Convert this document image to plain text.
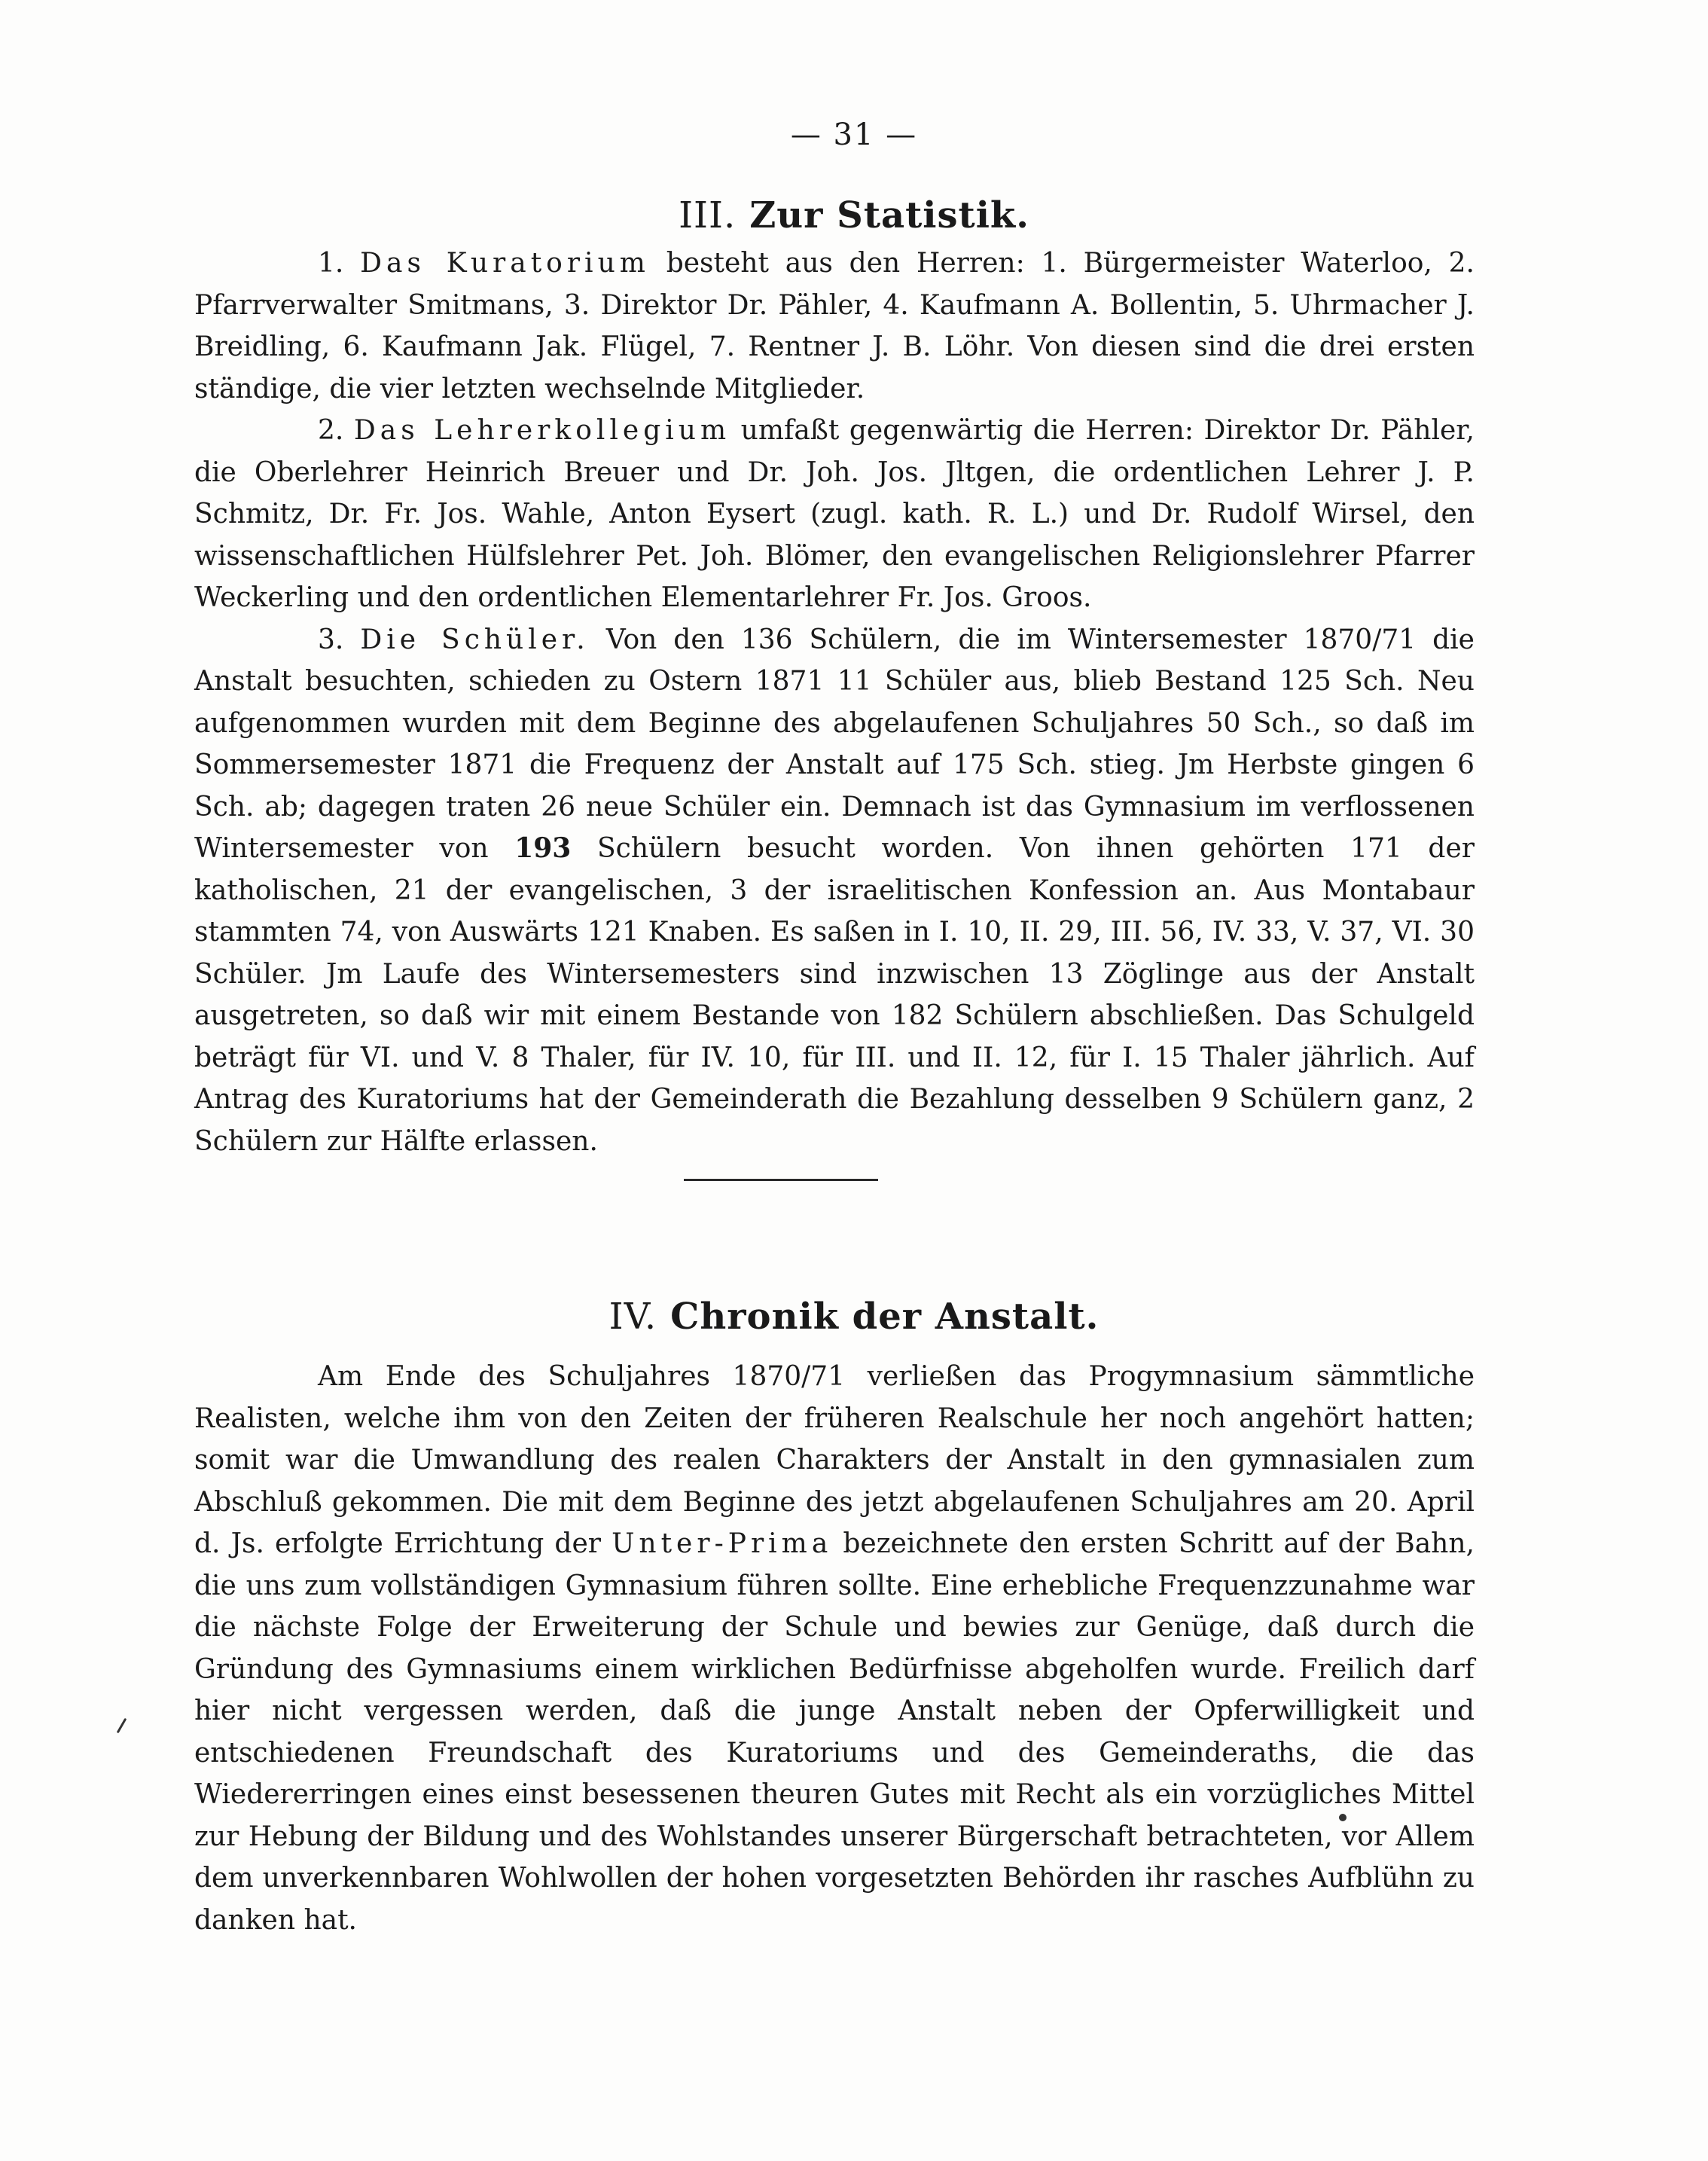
— 31 —
III. Zur Statistik.

1. Das Kuratorium besteht aus den Herren: 1. Bürgermeister Waterloo, 2. Pfarrverwalter Smitmans, 3. Direktor Dr. Pähler, 4. Kaufmann A. Bollentin, 5. Uhrmacher J. Breidling, 6. Kaufmann Jak. Flügel, 7. Rentner J. B. Löhr. Von diesen sind die drei ersten ständige, die vier letzten wechselnde Mitglieder.

2. Das Lehrerkollegium umfaßt gegenwärtig die Herren: Direktor Dr. Pähler, die Oberlehrer Heinrich Breuer und Dr. Joh. Jos. Jltgen, die ordentlichen Lehrer J. P. Schmitz, Dr. Fr. Jos. Wahle, Anton Eysert (zugl. kath. R. L.) und Dr. Rudolf Wirsel, den wissenschaftlichen Hülfslehrer Pet. Joh. Blömer, den evangelischen Religionslehrer Pfarrer Weckerling und den ordentlichen Elementarlehrer Fr. Jos. Groos.

3. Die Schüler. Von den 136 Schülern, die im Wintersemester 1870/71 die Anstalt besuchten, schieden zu Ostern 1871 11 Schüler aus, blieb Bestand 125 Sch. Neu aufgenommen wurden mit dem Beginne des abgelaufenen Schuljahres 50 Sch., so daß im Sommersemester 1871 die Frequenz der Anstalt auf 175 Sch. stieg. Jm Herbste gingen 6 Sch. ab; dagegen traten 26 neue Schüler ein. Demnach ist das Gymnasium im verflossenen Wintersemester von 193 Schülern besucht worden. Von ihnen gehörten 171 der katholischen, 21 der evangelischen, 3 der israelitischen Konfession an. Aus Montabaur stammten 74, von Auswärts 121 Knaben. Es saßen in I. 10, II. 29, III. 56, IV. 33, V. 37, VI. 30 Schüler. Jm Laufe des Wintersemesters sind inzwischen 13 Zöglinge aus der Anstalt ausgetreten, so daß wir mit einem Bestande von 182 Schülern abschließen. Das Schulgeld beträgt für VI. und V. 8 Thaler, für IV. 10, für III. und II. 12, für I. 15 Thaler jährlich. Auf Antrag des Kuratoriums hat der Gemeinderath die Bezahlung desselben 9 Schülern ganz, 2 Schülern zur Hälfte erlassen.

IV. Chronik der Anstalt.

Am Ende des Schuljahres 1870/71 verließen das Progymnasium sämmtliche Realisten, welche ihm von den Zeiten der früheren Realschule her noch angehört hatten; somit war die Umwandlung des realen Charakters der Anstalt in den gymnasialen zum Abschluß gekommen. Die mit dem Beginne des jetzt abgelaufenen Schuljahres am 20. April d. Js. erfolgte Errichtung der Unter-Prima bezeichnete den ersten Schritt auf der Bahn, die uns zum vollständigen Gymnasium führen sollte. Eine erhebliche Frequenzzunahme war die nächste Folge der Erweiterung der Schule und bewies zur Genüge, daß durch die Gründung des Gymnasiums einem wirklichen Bedürfnisse abgeholfen wurde. Freilich darf hier nicht vergessen werden, daß die junge Anstalt neben der Opferwilligkeit und entschiedenen Freundschaft des Kuratoriums und des Gemeinderaths, die das Wiedererringen eines einst besessenen theuren Gutes mit Recht als ein vorzügliches Mittel zur Hebung der Bildung und des Wohlstandes unserer Bürgerschaft betrachteten, vor Allem dem unverkennbaren Wohlwollen der hohen vorgesetzten Behörden ihr rasches Aufblühn zu danken hat.
